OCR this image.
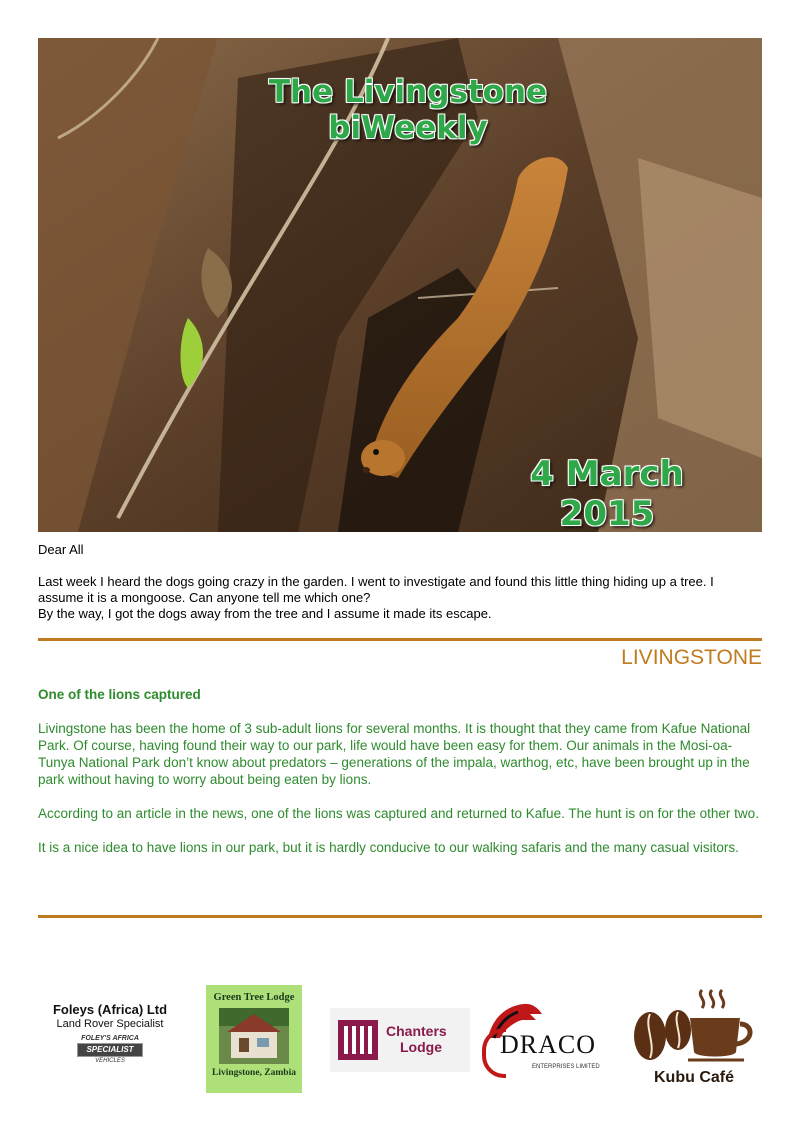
The Livingstone biWeekly
4 March 2015

Dear All

Last week I heard the dogs going crazy in the garden. I went to investigate and found this little thing hiding up a tree. I assume it is a mongoose. Can anyone tell me which one?

By the way, I got the dogs away from the tree and I assume it made its escape.

LIVINGSTONE
One of the lions captured

Livingstone has been the home of 3 sub-adult lions for several months. It is thought that they came from Kafue National Park. Of course, having found their way to our park, life would have been easy for them. Our animals in the Mosi-oa-Tunya National Park don’t know about predators – generations of the impala, warthog, etc, have been brought up in the park without having to worry about being eaten by lions.

According to an article in the news, one of the lions was captured and returned to Kafue. The hunt is on for the other two.

It is a nice idea to have lions in our park, but it is hardly conducive to our walking safaris and the many casual visitors.

Foleys (Africa) Ltd
Land Rover Specialist
FOLEY'S AFRICA
SPECIALIST
VEHICLES
Green Tree Lodge
Livingstone, Zambia
Chanters
Lodge DRACO
ENTERPRISES LIMITED
Kubu Café
